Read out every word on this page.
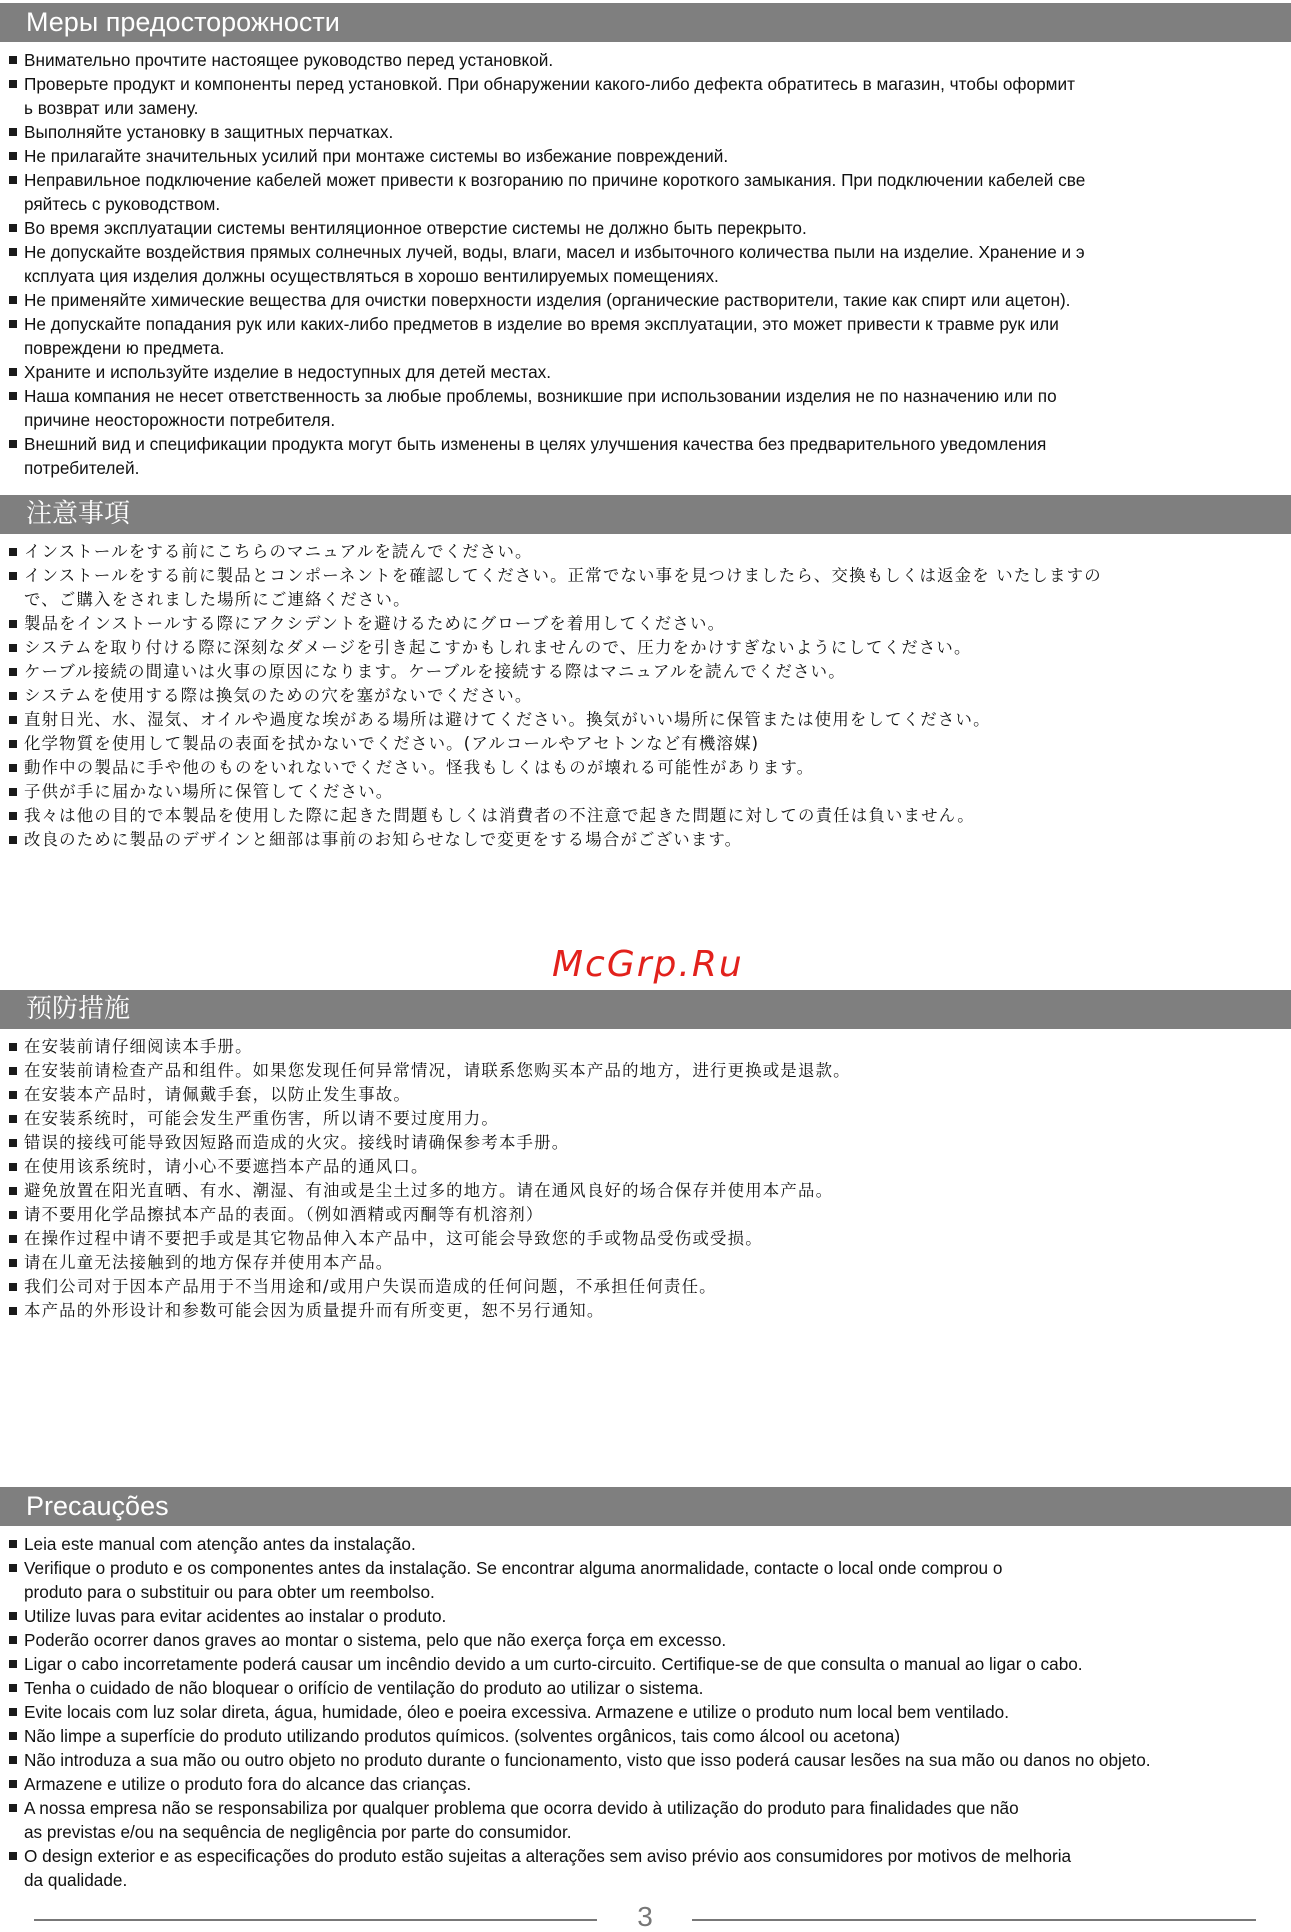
Меры предосторожности
Внимательно прочтите настоящее руководство перед установкой.
Проверьте продукт и компоненты перед установкой. При обнаружении какого-либо дефекта обратитесь в магазин, чтобы оформит
ь возврат или замену.
Выполняйте установку в защитных перчатках.
Не прилагайте значительных усилий при монтаже системы во избежание повреждений.
Неправильное подключение кабелей может привести к возгоранию по причине короткого замыкания. При подключении кабелей све
ряйтесь с руководством.
Во время эксплуатации системы вентиляционное отверстие системы не должно быть перекрыто.
Не допускайте воздействия прямых солнечных лучей, воды, влаги, масел и избыточного количества пыли на изделие. Хранение и э
ксплуата ция изделия должны осуществляться в хорошо вентилируемых помещениях.
Не применяйте химические вещества для очистки поверхности изделия (органические растворители, такие как спирт или ацетон).
Не допускайте попадания рук или каких-либо предметов в изделие во время эксплуатации, это может привести к травме рук или
повреждени ю предмета.
Храните и используйте изделие в недоступных для детей местах.
Наша компания не несет ответственность за любые проблемы, возникшие при использовании изделия не по назначению или по
причине неосторожности потребителя.
Внешний вид и спецификации продукта могут быть изменены в целях улучшения качества без предварительного уведомления
потребителей.
注意事項
インストールをする前にこちらのマニュアルを読んでください。
インストールをする前に製品とコンポーネントを確認してください。正常でない事を見つけましたら、交換もしくは返金を いたしますの
で、ご購入をされました場所にご連絡ください。
製品をインストールする際にアクシデントを避けるためにグローブを着用してください。
システムを取り付ける際に深刻なダメージを引き起こすかもしれませんので、圧力をかけすぎないようにしてください。
ケーブル接続の間違いは火事の原因になります。ケーブルを接続する際はマニュアルを読んでください。
システムを使用する際は換気のための穴を塞がないでください。
直射日光、水、湿気、オイルや過度な埃がある場所は避けてください。換気がいい場所に保管または使用をしてください。
化学物質を使用して製品の表面を拭かないでください。(アルコールやアセトンなど有機溶媒)
動作中の製品に手や他のものをいれないでください。怪我もしくはものが壊れる可能性があります。
子供が手に届かない場所に保管してください。
我々は他の目的で本製品を使用した際に起きた問題もしくは消費者の不注意で起きた問題に対しての責任は負いません。
改良のために製品のデザインと細部は事前のお知らせなしで変更をする場合がございます。
McGrp.Ru
预防措施
在安装前请仔细阅读本手册。
在安装前请检查产品和组件。如果您发现任何异常情况，请联系您购买本产品的地方，进行更换或是退款。
在安装本产品时，请佩戴手套，以防止发生事故。
在安装系统时，可能会发生严重伤害，所以请不要过度用力。
错误的接线可能导致因短路而造成的火灾。接线时请确保参考本手册。
在使用该系统时，请小心不要遮挡本产品的通风口。
避免放置在阳光直晒、有水、潮湿、有油或是尘土过多的地方。请在通风良好的场合保存并使用本产品。
请不要用化学品擦拭本产品的表面。（例如酒精或丙酮等有机溶剂）
在操作过程中请不要把手或是其它物品伸入本产品中，这可能会导致您的手或物品受伤或受损。
请在儿童无法接触到的地方保存并使用本产品。
我们公司对于因本产品用于不当用途和/或用户失误而造成的任何问题，不承担任何责任。
本产品的外形设计和参数可能会因为质量提升而有所变更，恕不另行通知。
Precauções
Leia este manual com atenção antes da instalação.
Verifique o produto e os componentes antes da instalação. Se encontrar alguma anormalidade, contacte o local onde comprou o
produto para o substituir ou para obter um reembolso.
Utilize luvas para evitar acidentes ao instalar o produto.
Poderão ocorrer danos graves ao montar o sistema, pelo que não exerça força em excesso.
Ligar o cabo incorretamente poderá causar um incêndio devido a um curto-circuito. Certifique-se de que consulta o manual ao ligar o cabo.
Tenha o cuidado de não bloquear o orifício de ventilação do produto ao utilizar o sistema.
Evite locais com luz solar direta, água, humidade, óleo e poeira excessiva. Armazene e utilize o produto num local bem ventilado.
Não limpe a superfície do produto utilizando produtos químicos. (solventes orgânicos, tais como álcool ou acetona)
Não introduza a sua mão ou outro objeto no produto durante o funcionamento, visto que isso poderá causar lesões na sua mão ou danos no objeto.
Armazene e utilize o produto fora do alcance das crianças.
A nossa empresa não se responsabiliza por qualquer problema que ocorra devido à utilização do produto para finalidades que não
as previstas e/ou na sequência de negligência por parte do consumidor.
O design exterior e as especificações do produto estão sujeitas a alterações sem aviso prévio aos consumidores por motivos de melhoria
da qualidade.
3
